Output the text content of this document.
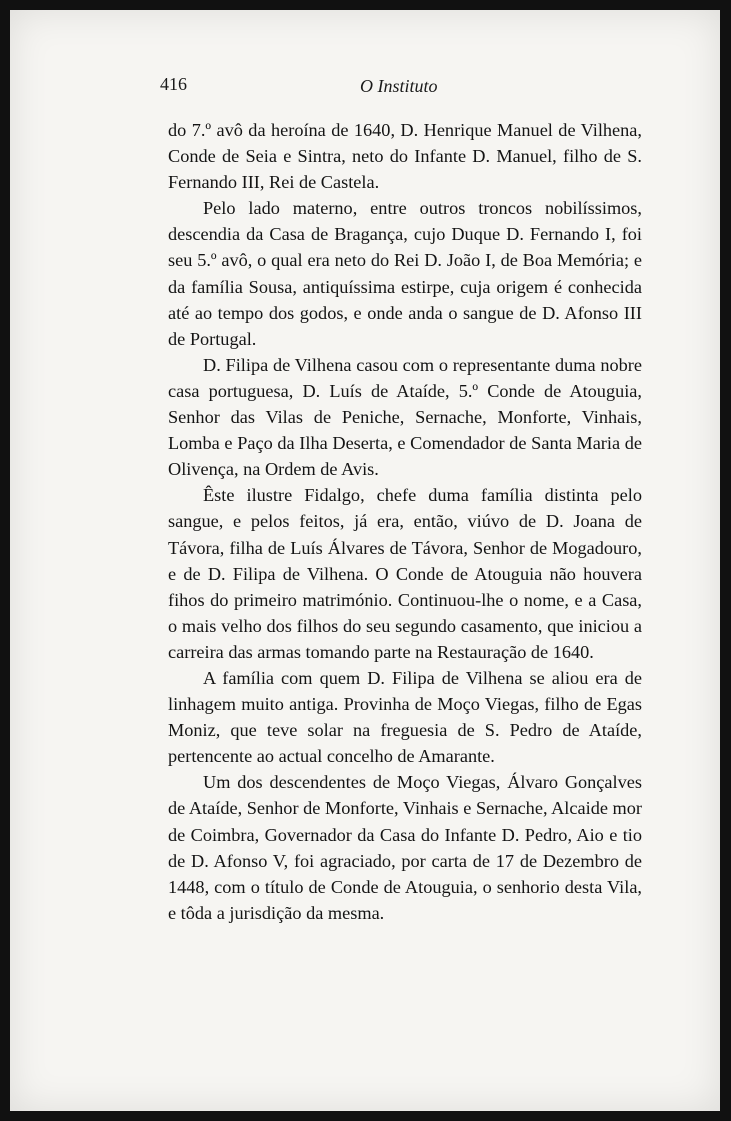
416	O Instituto

do 7.º avô da heroína de 1640, D. Henrique Manuel de Vilhena, Conde de Seia e Sintra, neto do Infante D. Manuel, filho de S. Fernando III, Rei de Castela.

Pelo lado materno, entre outros troncos nobilíssimos, descendia da Casa de Bragança, cujo Duque D. Fernando I, foi seu 5.º avô, o qual era neto do Rei D. João I, de Boa Memória; e da família Sousa, antiquíssima estirpe, cuja origem é conhecida até ao tempo dos godos, e onde anda o sangue de D. Afonso III de Portugal.

D. Filipa de Vilhena casou com o representante duma nobre casa portuguesa, D. Luís de Ataíde, 5.º Conde de Atouguia, Senhor das Vilas de Peniche, Sernache, Monforte, Vinhais, Lomba e Paço da Ilha Deserta, e Comendador de Santa Maria de Olivença, na Ordem de Avis.

Êste ilustre Fidalgo, chefe duma família distinta pelo sangue, e pelos feitos, já era, então, viúvo de D. Joana de Távora, filha de Luís Álvares de Távora, Senhor de Mogadouro, e de D. Filipa de Vilhena. O Conde de Atouguia não houvera fihos do primeiro matrimónio. Continuou-lhe o nome, e a Casa, o mais velho dos filhos do seu segundo casamento, que iniciou a carreira das armas tomando parte na Restauração de 1640.

A família com quem D. Filipa de Vilhena se aliou era de linhagem muito antiga. Provinha de Moço Viegas, filho de Egas Moniz, que teve solar na freguesia de S. Pedro de Ataíde, pertencente ao actual concelho de Amarante.

Um dos descendentes de Moço Viegas, Álvaro Gonçalves de Ataíde, Senhor de Monforte, Vinhais e Sernache, Alcaide mor de Coimbra, Governador da Casa do Infante D. Pedro, Aio e tio de D. Afonso V, foi agraciado, por carta de 17 de Dezembro de 1448, com o título de Conde de Atouguia, o senhorio desta Vila, e tôda a jurisdição da mesma.
